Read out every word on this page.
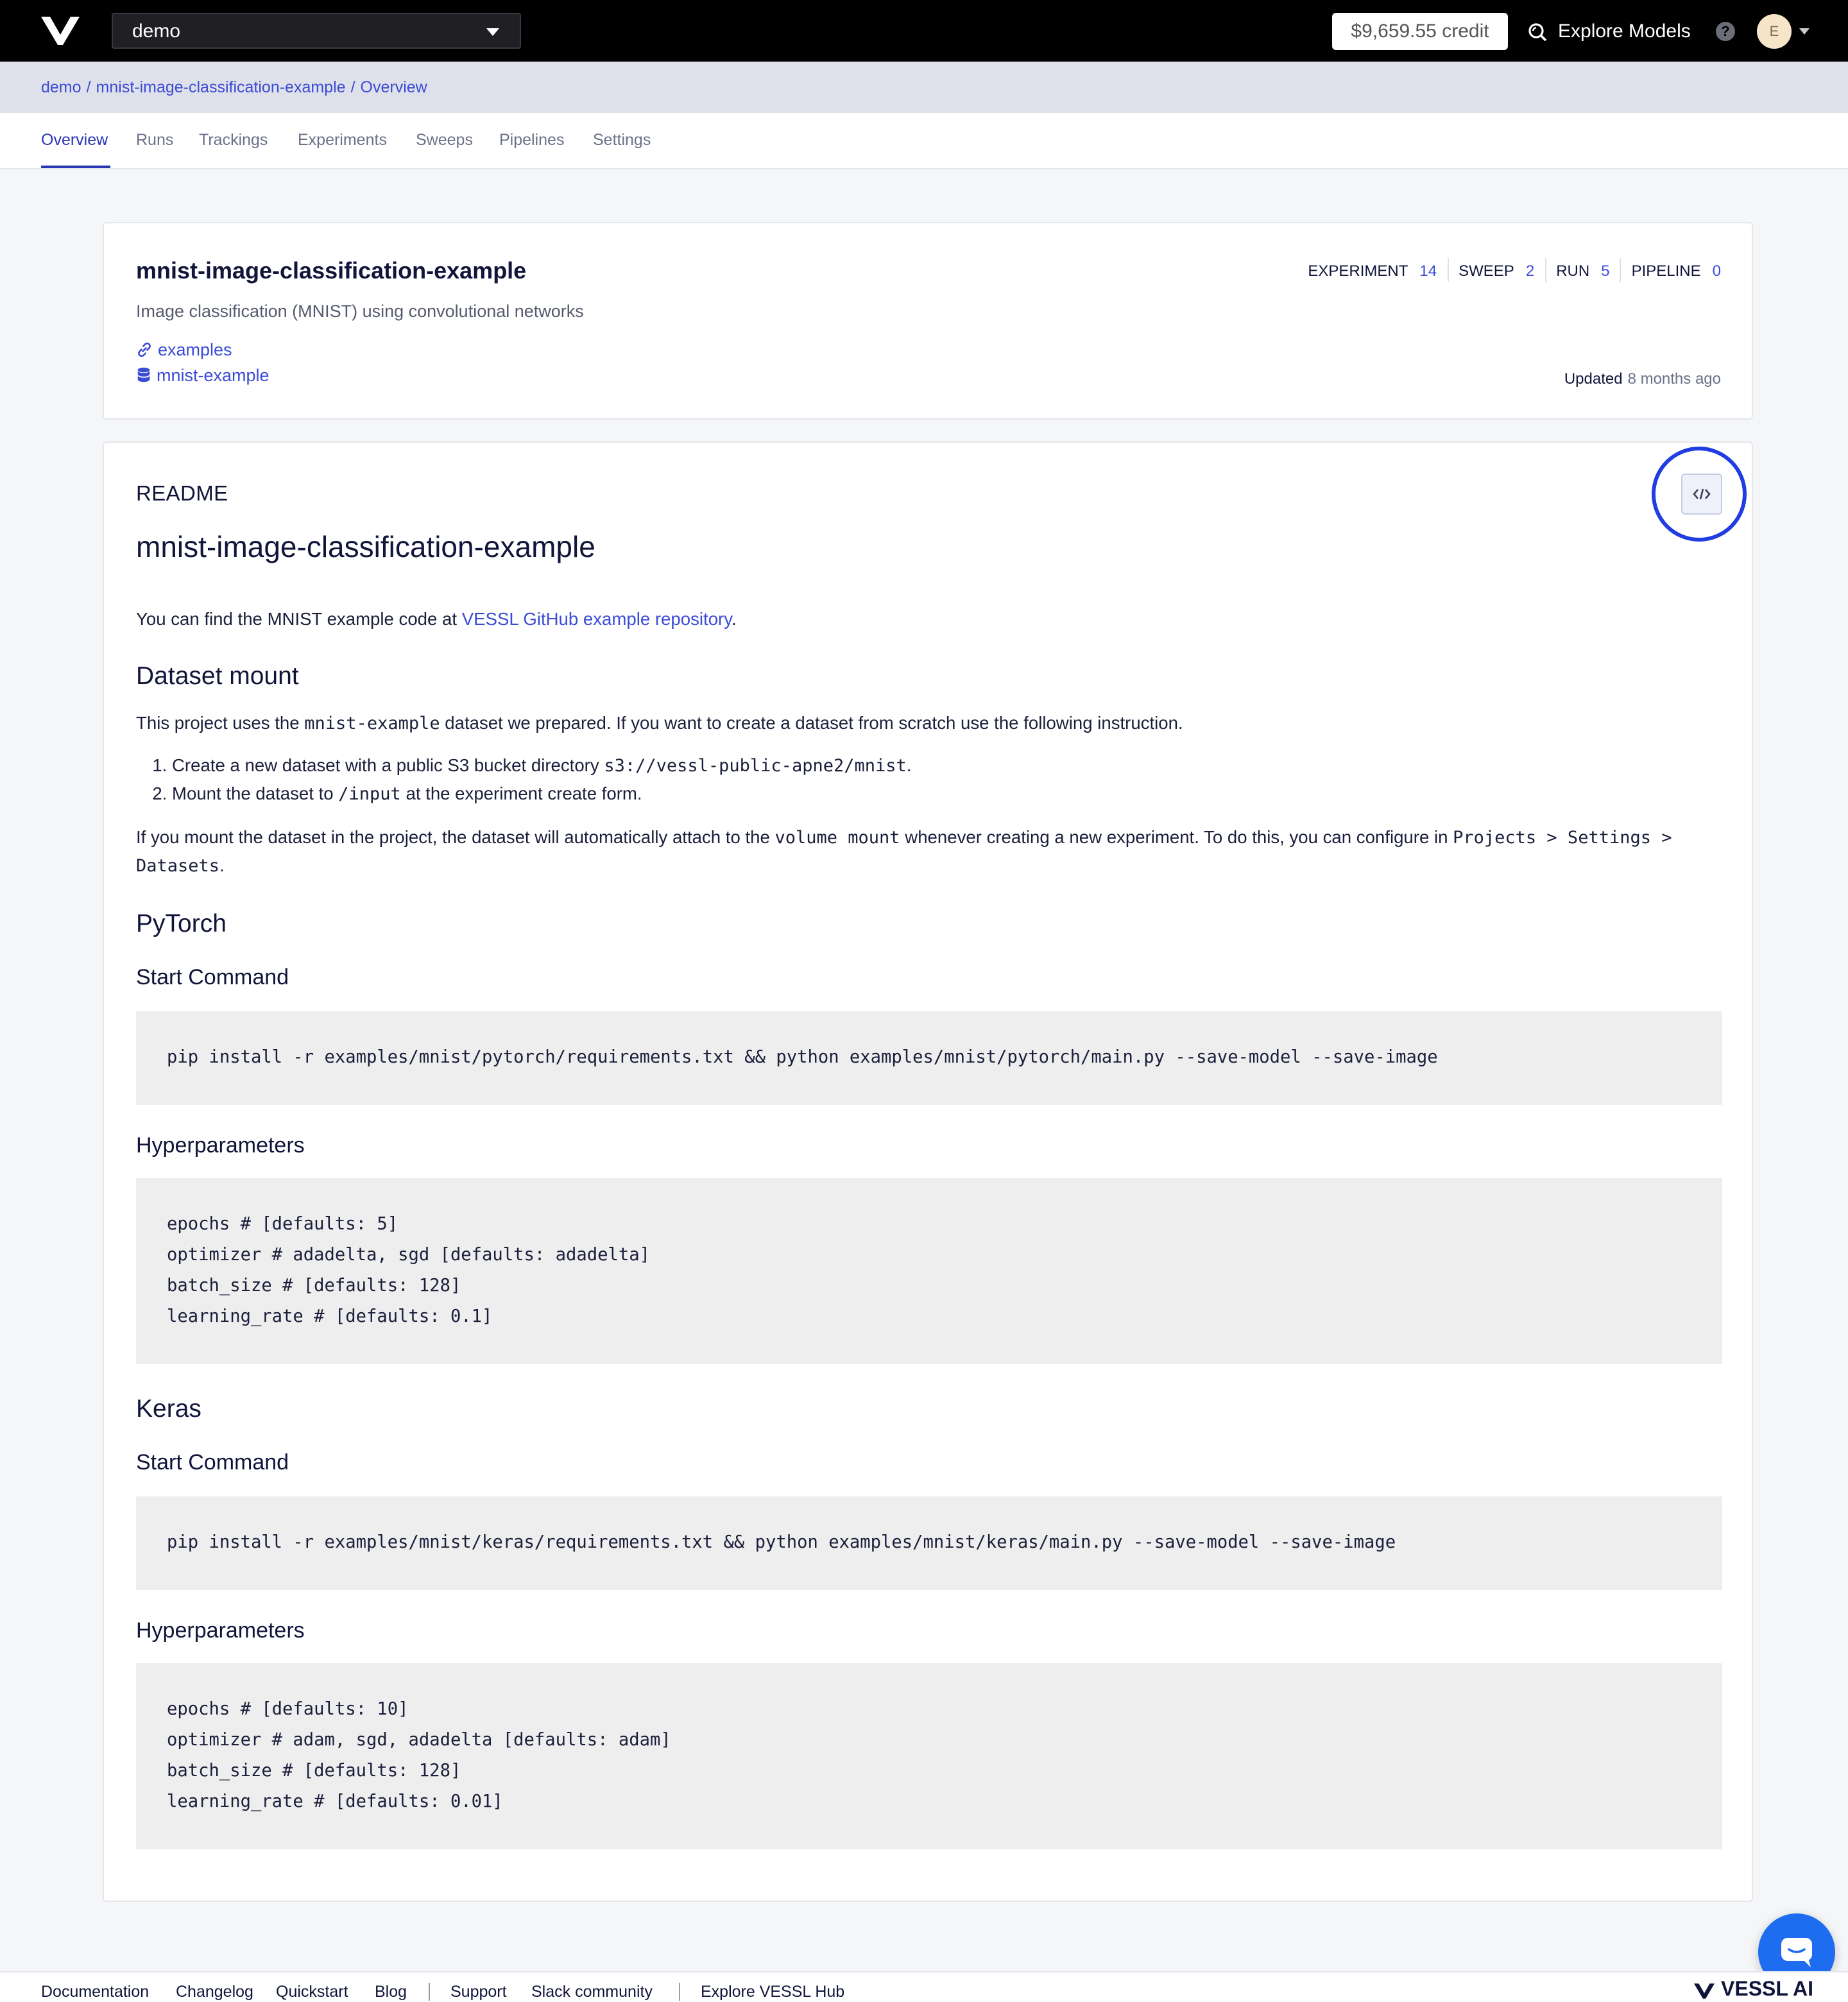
demo	$9,659.55 credit	Explore Models	?	E
demo / mnist-image-classification-example / Overview
Overview	Runs	Trackings	Experiments	Sweeps	Pipelines	Settings
mnist-image-classification-example
Image classification (MNIST) using convolutional networks
examples
mnist-example
EXPERIMENT 14	SWEEP 2	RUN 5	PIPELINE 0
Updated 8 months ago
README
mnist-image-classification-example
You can find the MNIST example code at VESSL GitHub example repository.
Dataset mount
This project uses the mnist-example dataset we prepared. If you want to create a dataset from scratch use the following instruction.
1. Create a new dataset with a public S3 bucket directory s3://vessl-public-apne2/mnist.
2. Mount the dataset to /input at the experiment create form.
If you mount the dataset in the project, the dataset will automatically attach to the volume mount whenever creating a new experiment. To do this, you can configure in Projects > Settings > Datasets.
PyTorch
Start Command
pip install -r examples/mnist/pytorch/requirements.txt && python examples/mnist/pytorch/main.py --save-model --save-image
Hyperparameters
epochs # [defaults: 5]
optimizer # adadelta, sgd [defaults: adadelta]
batch_size # [defaults: 128]
learning_rate # [defaults: 0.1]
Keras
Start Command
pip install -r examples/mnist/keras/requirements.txt && python examples/mnist/keras/main.py --save-model --save-image
Hyperparameters
epochs # [defaults: 10]
optimizer # adam, sgd, adadelta [defaults: adam]
batch_size # [defaults: 128]
learning_rate # [defaults: 0.01]
Documentation	Changelog	Quickstart	Blog	Support	Slack community	Explore VESSL Hub	VESSL AI
